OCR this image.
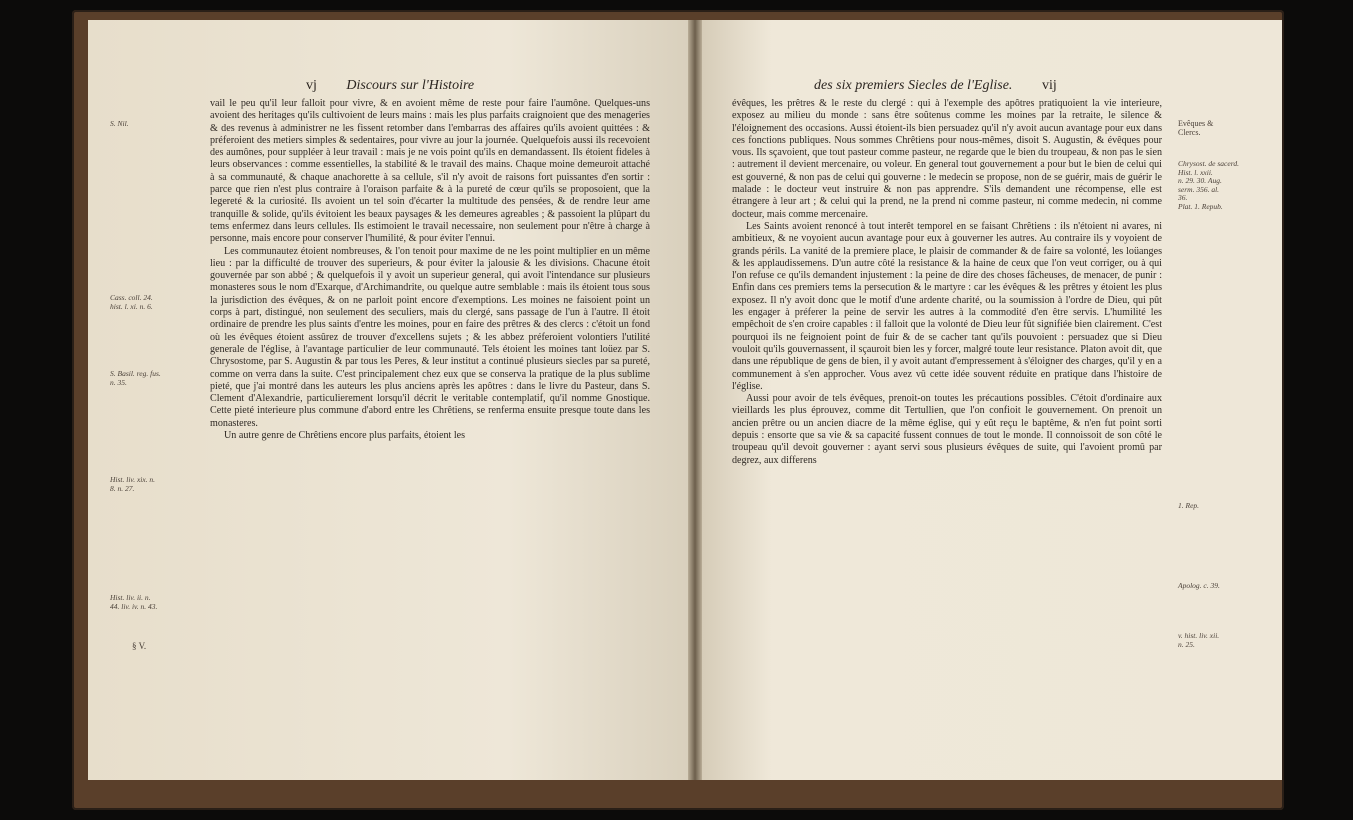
vj Discours sur l'Histoire
S. Nil.
Cass. coll. 24.
hist. l. xi. n. 6.
S. Basil. reg. fus.
n. 35.
Hist. liv. xix. n.
8. n. 27.
Hist. liv. ii. n.
44. liv. iv. n. 43.
§ V.

vail le peu qu'il leur falloit pour vivre, & en avoient même de reste pour faire l'aumône. Quelques-uns avoient des heritages qu'ils cultivoient de leurs mains : mais les plus parfaits craignoient que des menageries & des revenus à administrer ne les fissent retomber dans l'embarras des affaires qu'ils avoient quittées : & préferoient des metiers simples & sedentaires, pour vivre au jour la journée. Quelquefois aussi ils recevoient des aumônes, pour suppléer à leur travail : mais je ne vois point qu'ils en demandassent. Ils étoient fideles à leurs observances : comme essentielles, la stabilité & le travail des mains. Chaque moine demeuroit attaché à sa communauté, & chaque anachorette à sa cellule, s'il n'y avoit de raisons fort puissantes d'en sortir : parce que rien n'est plus contraire à l'oraison parfaite & à la pureté de cœur qu'ils se proposoient, que la legereté & la curiosité. Ils avoient un tel soin d'écarter la multitude des pensées, & de rendre leur ame tranquille & solide, qu'ils évitoient les beaux paysages & les demeures agreables ; & passoient la plûpart du tems enfermez dans leurs cellules. Ils estimoient le travail necessaire, non seulement pour n'être à charge à personne, mais encore pour conserver l'humilité, & pour éviter l'ennui.

Les communautez étoient nombreuses, & l'on tenoit pour maxime de ne les point multiplier en un même lieu : par la difficulté de trouver des superieurs, & pour éviter la jalousie & les divisions. Chacune étoit gouvernée par son abbé ; & quelquefois il y avoit un superieur general, qui avoit l'intendance sur plusieurs monasteres sous le nom d'Exarque, d'Archimandrite, ou quelque autre semblable : mais ils étoient tous sous la jurisdiction des évêques, & on ne parloit point encore d'exemptions. Les moines ne faisoient point un corps à part, distingué, non seulement des seculiers, mais du clergé, sans passage de l'un à l'autre. Il étoit ordinaire de prendre les plus saints d'entre les moines, pour en faire des prêtres & des clercs : c'étoit un fond où les évêques étoient assûrez de trouver d'excellens sujets ; & les abbez préferoient volontiers l'utilité generale de l'église, à l'avantage particulier de leur communauté. Tels étoient les moines tant loüez par S. Chrysostome, par S. Augustin & par tous les Peres, & leur institut a continué plusieurs siecles par sa pureté, comme on verra dans la suite. C'est principalement chez eux que se conserva la pratique de la plus sublime pieté, que j'ai montré dans les auteurs les plus anciens après les apôtres : dans le livre du Pasteur, dans S. Clement d'Alexandrie, particulierement lorsqu'il décrit le veritable contemplatif, qu'il nomme Gnostique. Cette pieté interieure plus commune d'abord entre les Chrêtiens, se renferma ensuite presque toute dans les monasteres.

Un autre genre de Chrêtiens encore plus parfaits, étoient les

des six premiers Siecles de l'Eglise. vij

évêques, les prêtres & le reste du clergé : qui à l'exemple des apôtres pratiquoient la vie interieure, exposez au milieu du monde : sans être soûtenus comme les moines par la retraite, le silence & l'éloignement des occasions. Aussi étoient-ils bien persuadez qu'il n'y avoit aucun avantage pour eux dans ces fonctions publiques. Nous sommes Chrêtiens pour nous-mêmes, disoit S. Augustin, & évêques pour vous. Ils sçavoient, que tout pasteur comme pasteur, ne regarde que le bien du troupeau, & non pas le sien : autrement il devient mercenaire, ou voleur. En general tout gouvernement a pour but le bien de celui qui est gouverné, & non pas de celui qui gouverne : le medecin se propose, non de se guérir, mais de guérir le malade : le docteur veut instruire & non pas apprendre. S'ils demandent une récompense, elle est étrangere à leur art ; & celui qui la prend, ne la prend ni comme pasteur, ni comme medecin, ni comme docteur, mais comme mercenaire.

Les Saints avoient renoncé à tout interêt temporel en se faisant Chrêtiens : ils n'étoient ni avares, ni ambitieux, & ne voyoient aucun avantage pour eux à gouverner les autres. Au contraire ils y voyoient de grands périls. La vanité de la premiere place, le plaisir de commander & de faire sa volonté, les loüanges & les applaudissemens. D'un autre côté la resistance & la haine de ceux que l'on veut corriger, ou à qui l'on refuse ce qu'ils demandent injustement : la peine de dire des choses fâcheuses, de menacer, de punir : Enfin dans ces premiers tems la persecution & le martyre : car les évêques & les prêtres y étoient les plus exposez. Il n'y avoit donc que le motif d'une ardente charité, ou la soumission à l'ordre de Dieu, qui pût les engager à préferer la peine de servir les autres à la commodité d'en être servis. L'humilité les empêchoit de s'en croire capables : il falloit que la volonté de Dieu leur fût signifiée bien clairement. C'est pourquoi ils ne feignoient point de fuir & de se cacher tant qu'ils pouvoient : persuadez que si Dieu vouloit qu'ils gouvernassent, il sçauroit bien les y forcer, malgré toute leur resistance. Platon avoit dit, que dans une république de gens de bien, il y avoit autant d'empressement à s'éloigner des charges, qu'il y en a communement à s'en approcher. Vous avez vû cette idée souvent réduite en pratique dans l'histoire de l'église.

Aussi pour avoir de tels évêques, prenoit-on toutes les précautions possibles. C'étoit d'ordinaire aux vieillards les plus éprouvez, comme dit Tertullien, que l'on confioit le gouvernement. On prenoit un ancien prêtre ou un ancien diacre de la même église, qui y eût reçu le baptême, & n'en fut point sorti depuis : ensorte que sa vie & sa capacité fussent connues de tout le monde. Il connoissoit de son côté le troupeau qu'il devoit gouverner : ayant servi sous plusieurs évêques de suite, qui l'avoient promû par degrez, aux differens

Evêques &
Clercs.
Chrysost. de sacerd.
Hist. l. xxii.
n. 29. 30. Aug.
serm. 356. al.
36.
Plat. 1. Repub.
1. Rep.
Apolog. c. 39.
v. hist. liv. xii.
n. 25.
